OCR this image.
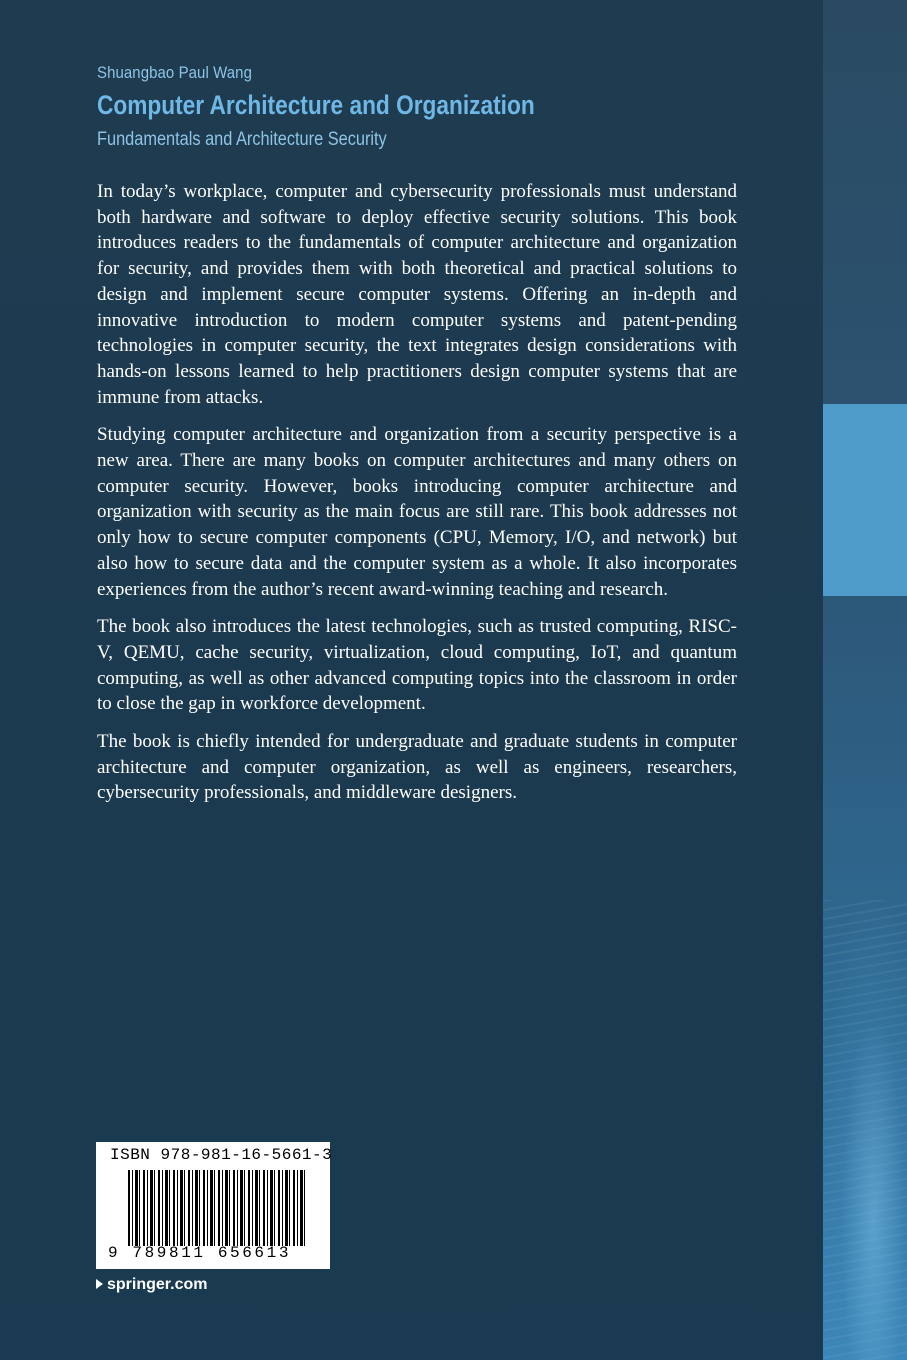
Shuangbao Paul Wang
Computer Architecture and Organization
Fundamentals and Architecture Security

In today’s workplace, computer and cybersecurity professionals must understand both hardware and software to deploy effective security solutions. This book introduces readers to the fundamentals of computer architecture and organization for security, and provides them with both theoretical and practical solutions to design and implement secure computer systems. Offering an in-depth and innovative introduction to modern computer systems and patent-pending technologies in computer security, the text integrates design considerations with hands-on lessons learned to help practitioners design computer systems that are immune from attacks.

Studying computer architecture and organization from a security perspective is a new area. There are many books on computer architectures and many others on computer security. However, books introducing computer architecture and organization with security as the main focus are still rare. This book addresses not only how to secure computer components (CPU, Memory, I/O, and network) but also how to secure data and the computer system as a whole. It also incorporates experiences from the author’s recent award-winning teaching and research.

The book also introduces the latest technologies, such as trusted computing, RISC-V, QEMU, cache security, virtualization, cloud computing, IoT, and quantum computing, as well as other advanced computing topics into the classroom in order to close the gap in workforce development.

The book is chiefly intended for undergraduate and graduate students in computer architecture and computer organization, as well as engineers, researchers, cybersecurity professionals, and middleware designers.

ISBN 978-981-16-5661-3
9 789811 656613
springer.com
